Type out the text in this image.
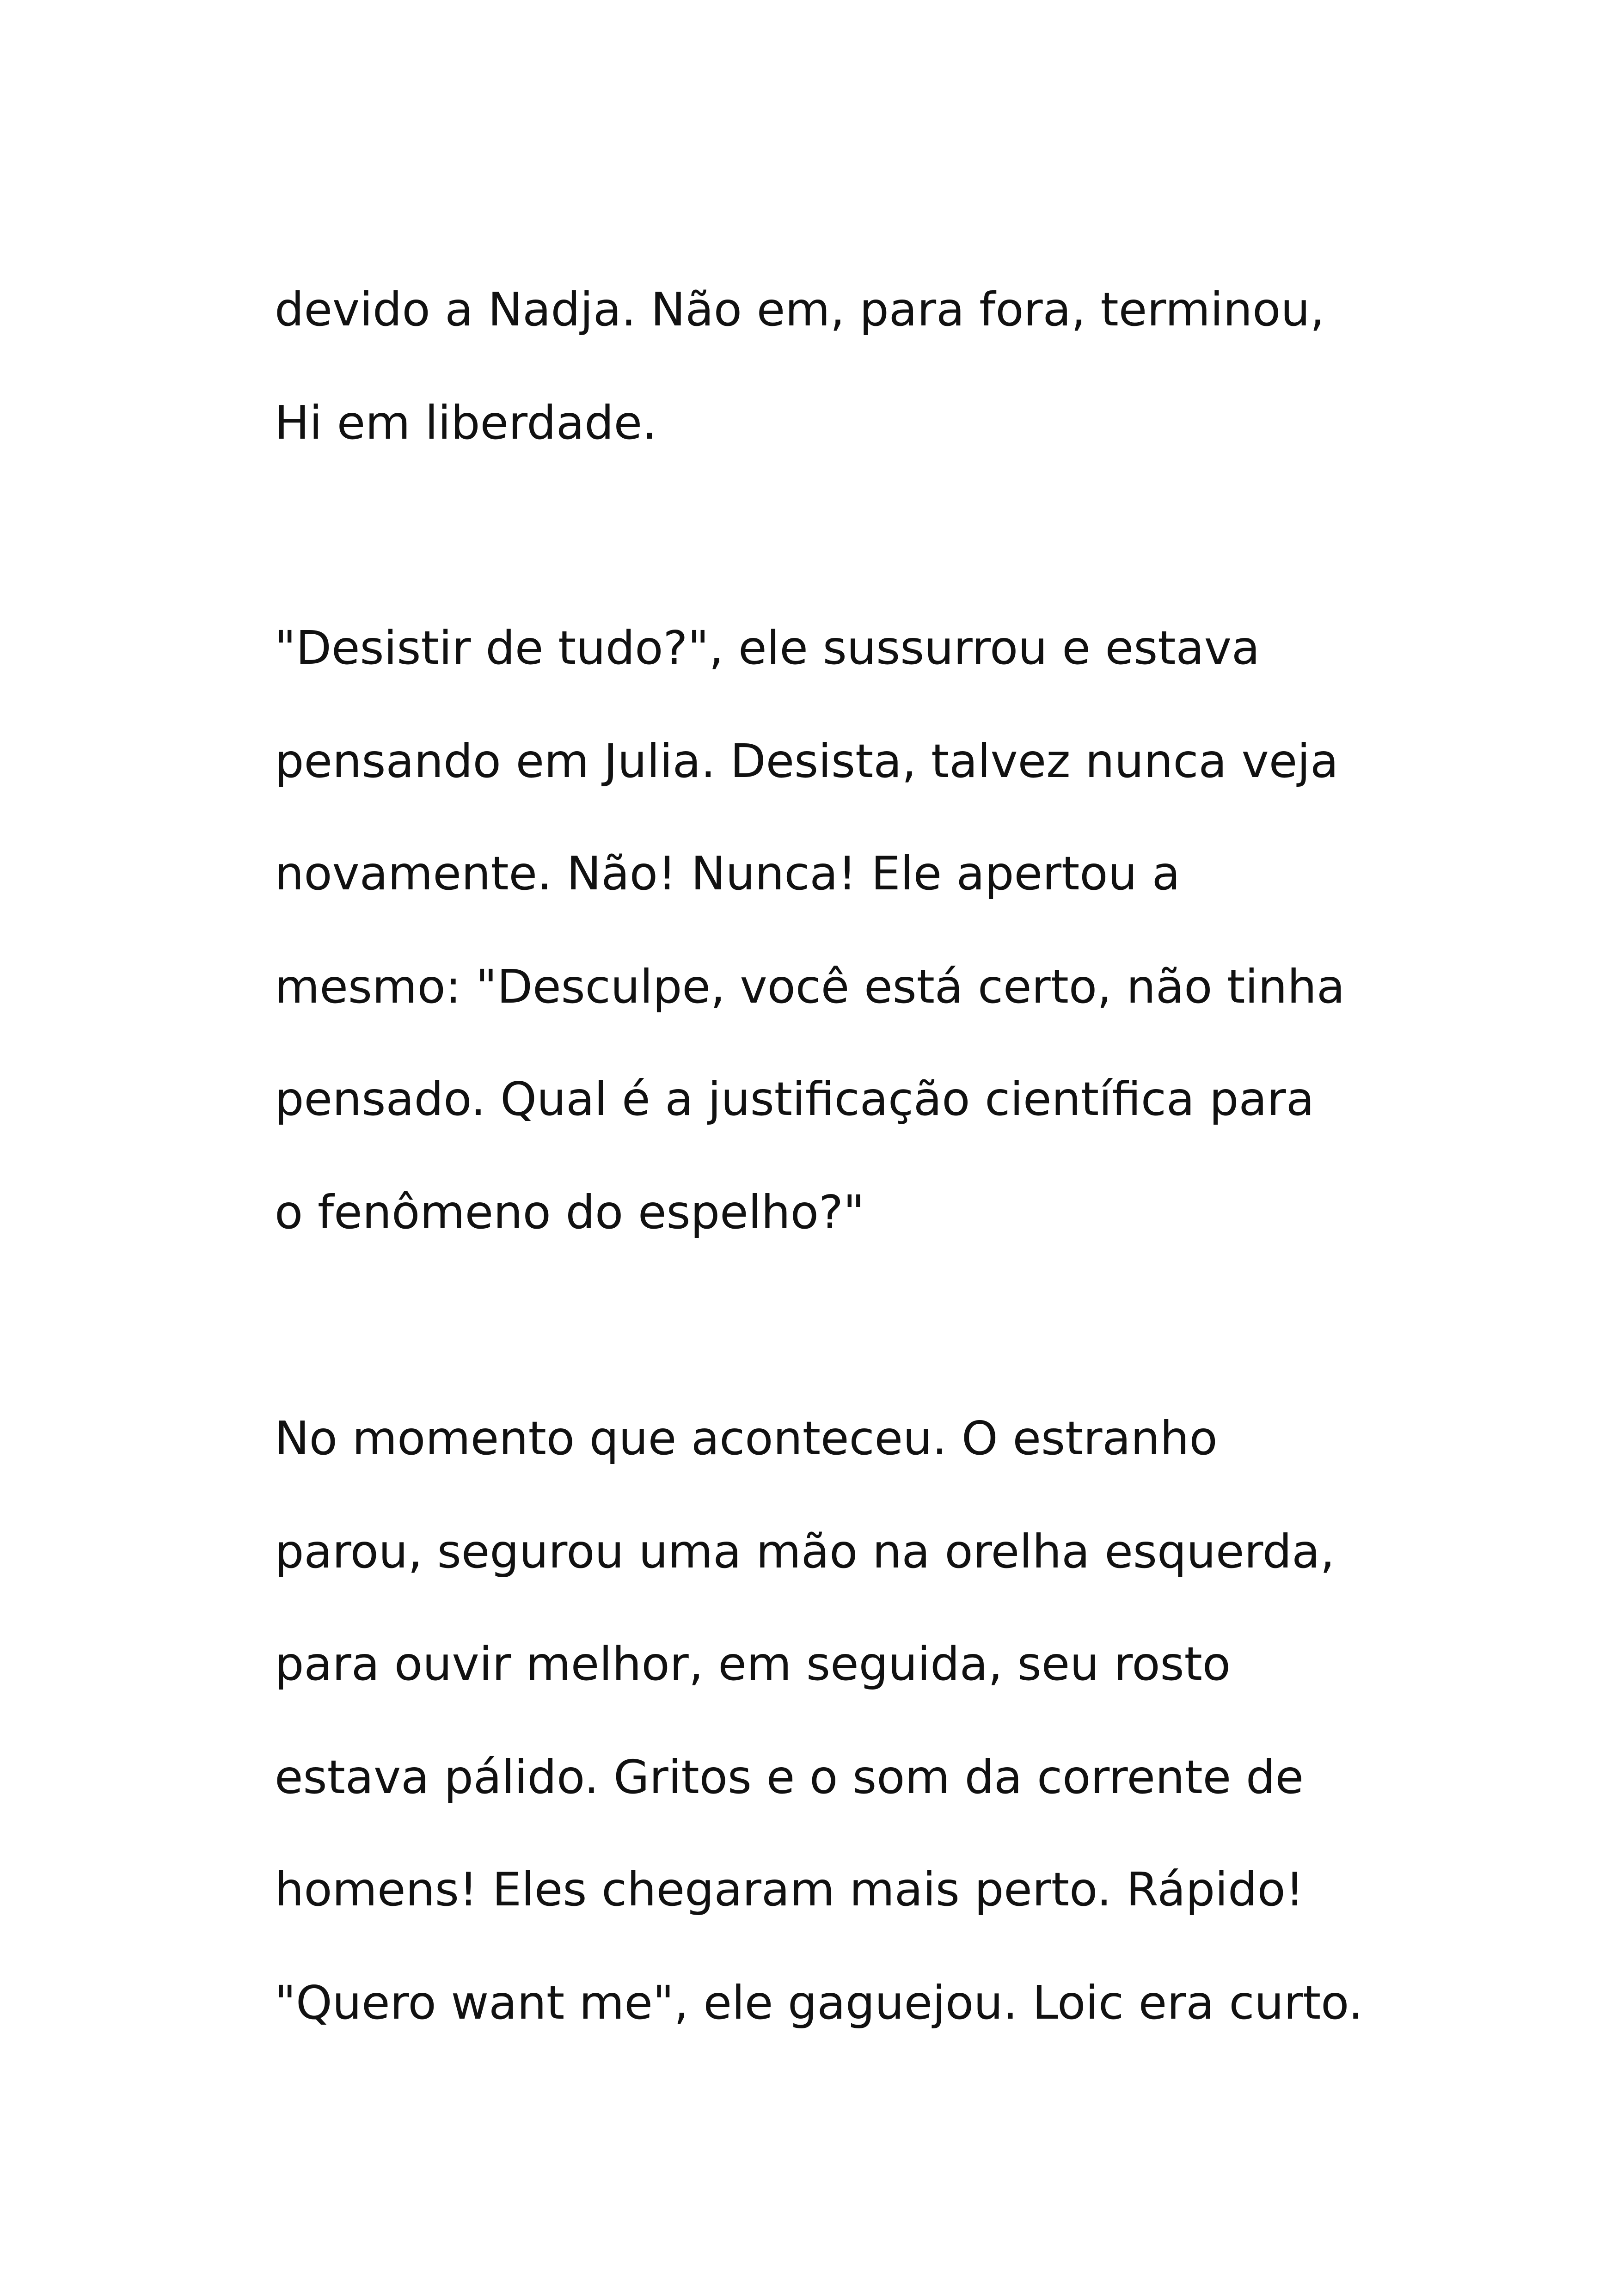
devido a Nadja. Não em, para fora, terminou,

Hi em liberdade.

"Desistir de tudo?", ele sussurrou e estava

pensando em Julia. Desista, talvez nunca veja

novamente. Não! Nunca! Ele apertou a

mesmo: "Desculpe, você está certo, não tinha

pensado. Qual é a justificação científica para

o fenômeno do espelho?"

No momento que aconteceu. O estranho

parou, segurou uma mão na orelha esquerda,

para ouvir melhor, em seguida, seu rosto

estava pálido. Gritos e o som da corrente de

homens! Eles chegaram mais perto. Rápido!

"Quero want me", ele gaguejou. Loic era curto.
